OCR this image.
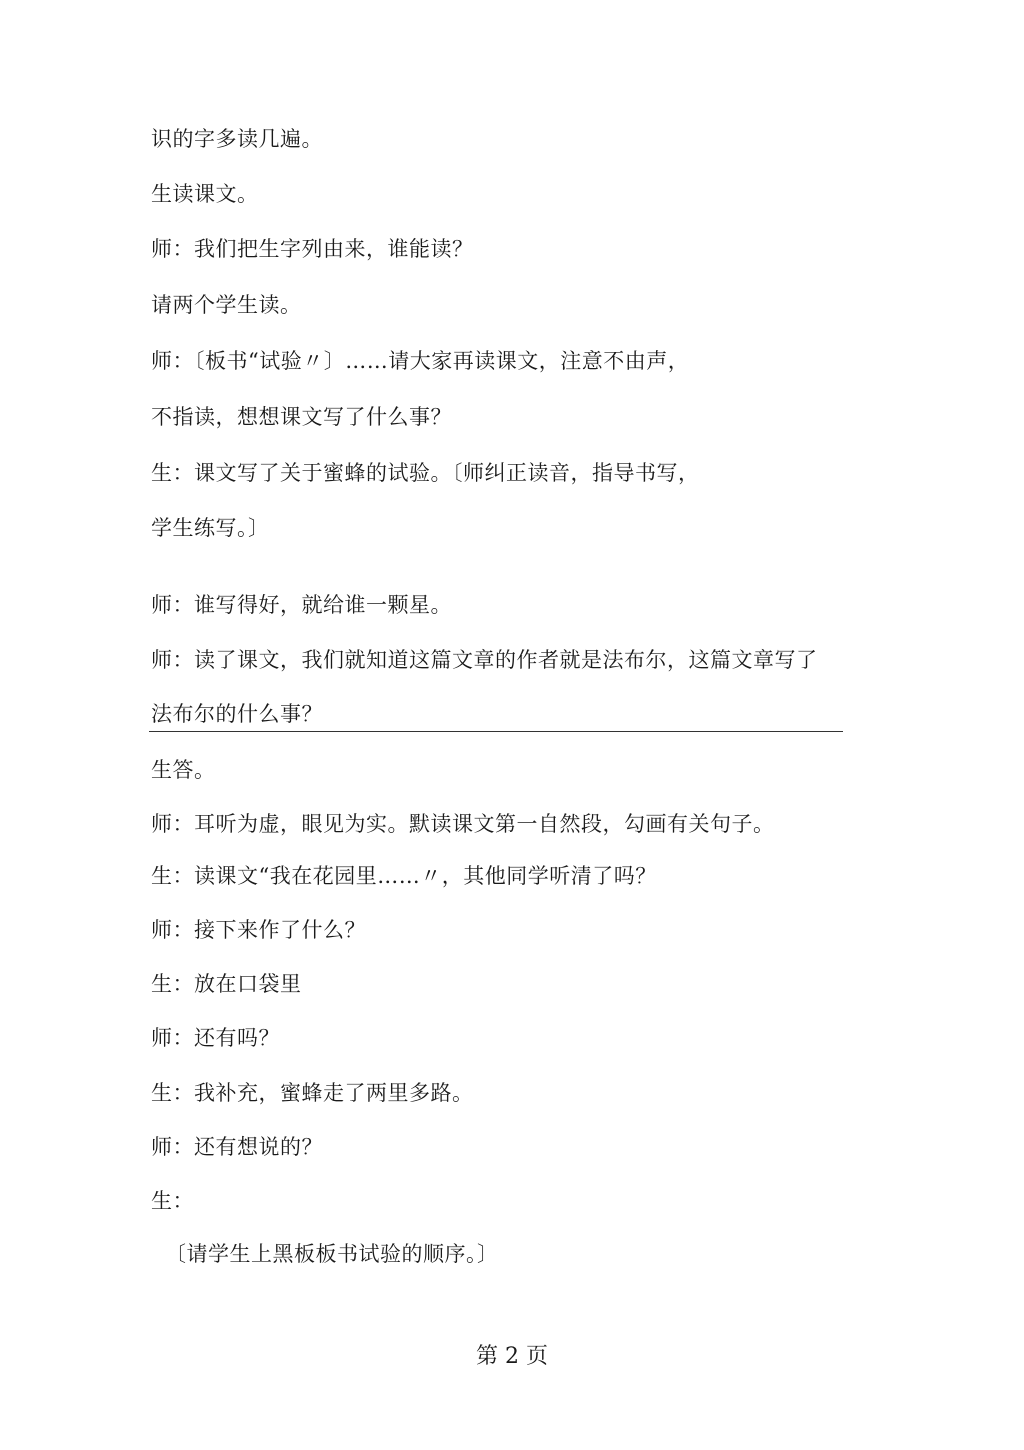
识的字多读几遍。
生读课文。
师：我们把生字列由来，谁能读？
请两个学生读。
师：〔板书“试验〃〕……请大家再读课文，注意不由声，
不指读，想想课文写了什么事？
生：课文写了关于蜜蜂的试验。〔师纠正读音，指导书写，
学生练写。〕
师：谁写得好，就给谁一颗星。
师：读了课文，我们就知道这篇文章的作者就是法布尔，这篇文章写了
法布尔的什么事？
生答。
师：耳听为虚，眼见为实。默读课文第一自然段，勾画有关句子。
生：读课文“我在花园里……〃，其他同学听清了吗？
师：接下来作了什么？
生：放在口袋里
师：还有吗？
生：我补充，蜜蜂走了两里多路。
师：还有想说的？
生：
〔请学生上黑板板书试验的顺序。〕
第 2 页
